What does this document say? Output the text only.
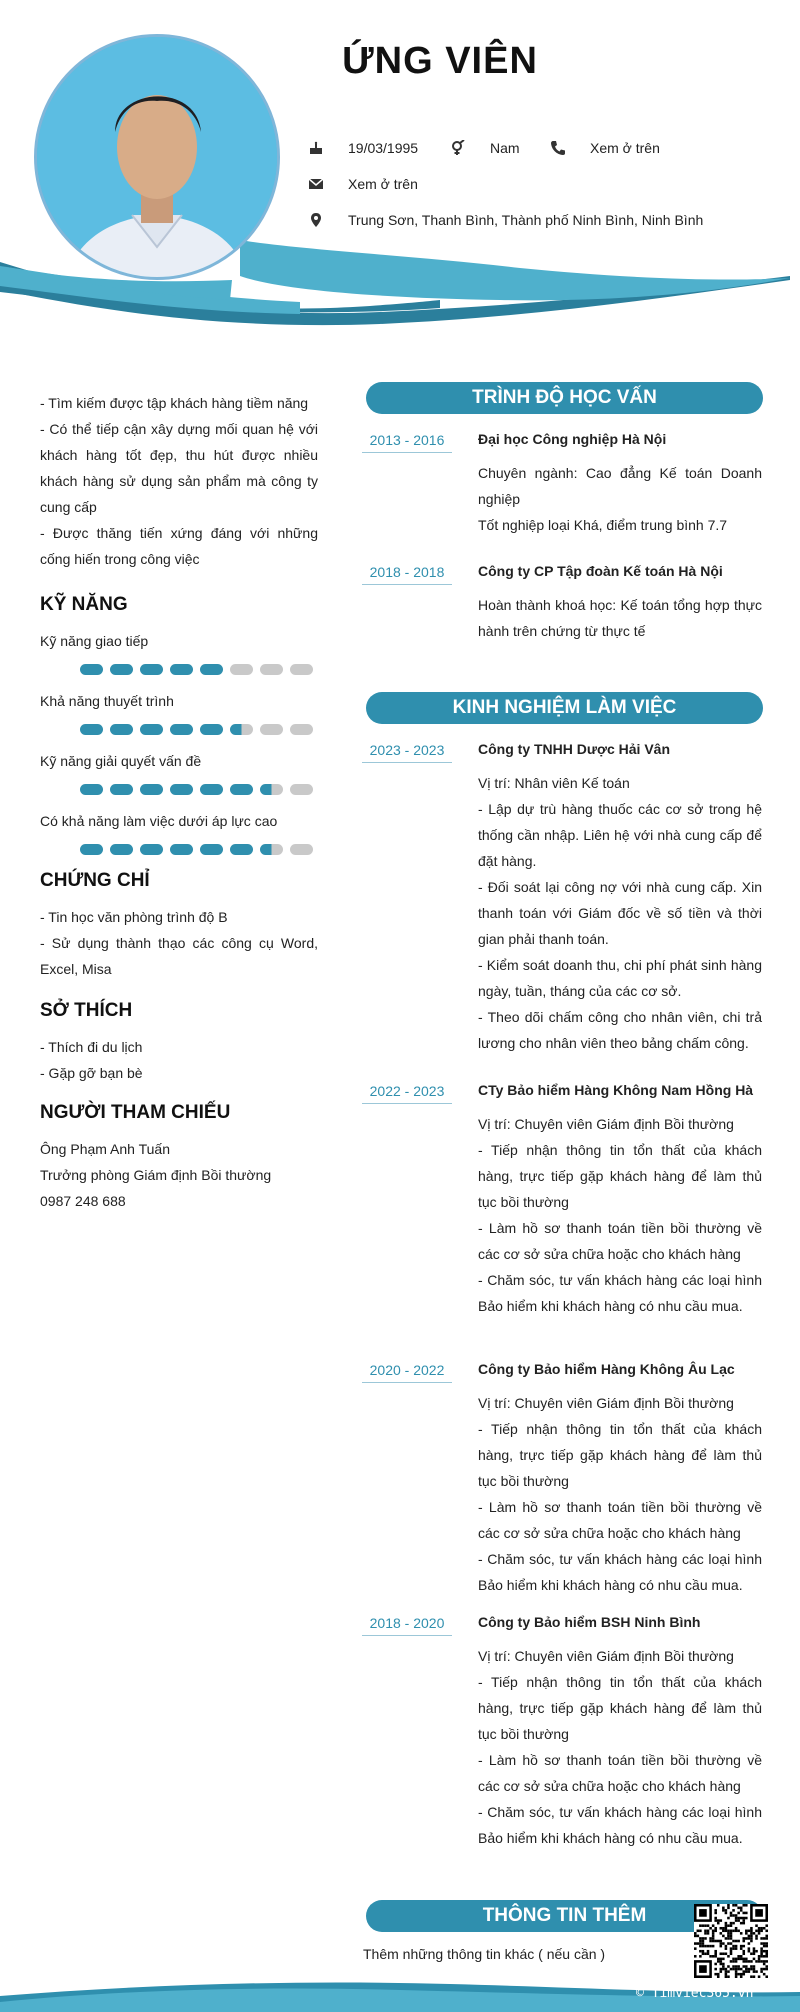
ỨNG VIÊN
19/03/1995	Nam	Xem ở trên
Xem ở trên
Trung Sơn, Thanh Bình, Thành phố Ninh Bình, Ninh Bình

- Tìm kiếm được tập khách hàng tiềm năng

- Có thể tiếp cận xây dựng mối quan hệ với khách hàng tốt đẹp, thu hút được nhiều khách hàng sử dụng sản phẩm mà công ty cung cấp

- Được thăng tiến xứng đáng với những cống hiến trong công việc

KỸ NĂNG
Kỹ năng giao tiếp
Khả năng thuyết trình
Kỹ năng giải quyết vấn đề
Có khả năng làm việc dưới áp lực cao
CHỨNG CHỈ

- Tin học văn phòng trình độ B

- Sử dụng thành thạo các công cụ Word, Excel, Misa

SỞ THÍCH

- Thích đi du lịch

- Gặp gỡ bạn bè

NGƯỜI THAM CHIẾU

Ông Phạm Anh Tuấn

Trưởng phòng Giám định Bồi thường

0987 248 688

TRÌNH ĐỘ HỌC VẤN
2013 - 2016	Đại học Công nghiệp Hà Nội

Chuyên ngành: Cao đẳng Kế toán Doanh nghiệp

Tốt nghiệp loại Khá, điểm trung bình 7.7

2018 - 2018	Công ty CP Tập đoàn Kế toán Hà Nội

Hoàn thành khoá học: Kế toán tổng hợp thực hành trên chứng từ thực tế

KINH NGHIỆM LÀM VIỆC
2023 - 2023	Công ty TNHH Dược Hải Vân

Vị trí: Nhân viên Kế toán

- Lập dự trù hàng thuốc các cơ sở trong hệ thống cần nhập. Liên hệ với nhà cung cấp để đặt hàng.

- Đối soát lại công nợ với nhà cung cấp. Xin thanh toán với Giám đốc về số tiền và thời gian phải thanh toán.

- Kiểm soát doanh thu, chi phí phát sinh hàng ngày, tuần, tháng của các cơ sở.

- Theo dõi chấm công cho nhân viên, chi trả lương cho nhân viên theo bảng chấm công.

2022 - 2023	CTy Bảo hiểm Hàng Không Nam Hồng Hà

Vị trí: Chuyên viên Giám định Bồi thường

- Tiếp nhận thông tin tổn thất của khách hàng, trực tiếp gặp khách hàng để làm thủ tục bồi thường

- Làm hồ sơ thanh toán tiền bồi thường về các cơ sở sửa chữa hoặc cho khách hàng

- Chăm sóc, tư vấn khách hàng các loại hình Bảo hiểm khi khách hàng có nhu cầu mua.

2020 - 2022	Công ty Bảo hiểm Hàng Không Âu Lạc

Vị trí: Chuyên viên Giám định Bồi thường

- Tiếp nhận thông tin tổn thất của khách hàng, trực tiếp gặp khách hàng để làm thủ tục bồi thường

- Làm hồ sơ thanh toán tiền bồi thường về các cơ sở sửa chữa hoặc cho khách hàng

- Chăm sóc, tư vấn khách hàng các loại hình Bảo hiểm khi khách hàng có nhu cầu mua.

2018 - 2020	Công ty Bảo hiểm BSH Ninh Bình

Vị trí: Chuyên viên Giám định Bồi thường

- Tiếp nhận thông tin tổn thất của khách hàng, trực tiếp gặp khách hàng để làm thủ tục bồi thường

- Làm hồ sơ thanh toán tiền bồi thường về các cơ sở sửa chữa hoặc cho khách hàng

- Chăm sóc, tư vấn khách hàng các loại hình Bảo hiểm khi khách hàng có nhu cầu mua.

THÔNG TIN THÊM
Thêm những thông tin khác ( nếu cần )
© Timviec365.vn
